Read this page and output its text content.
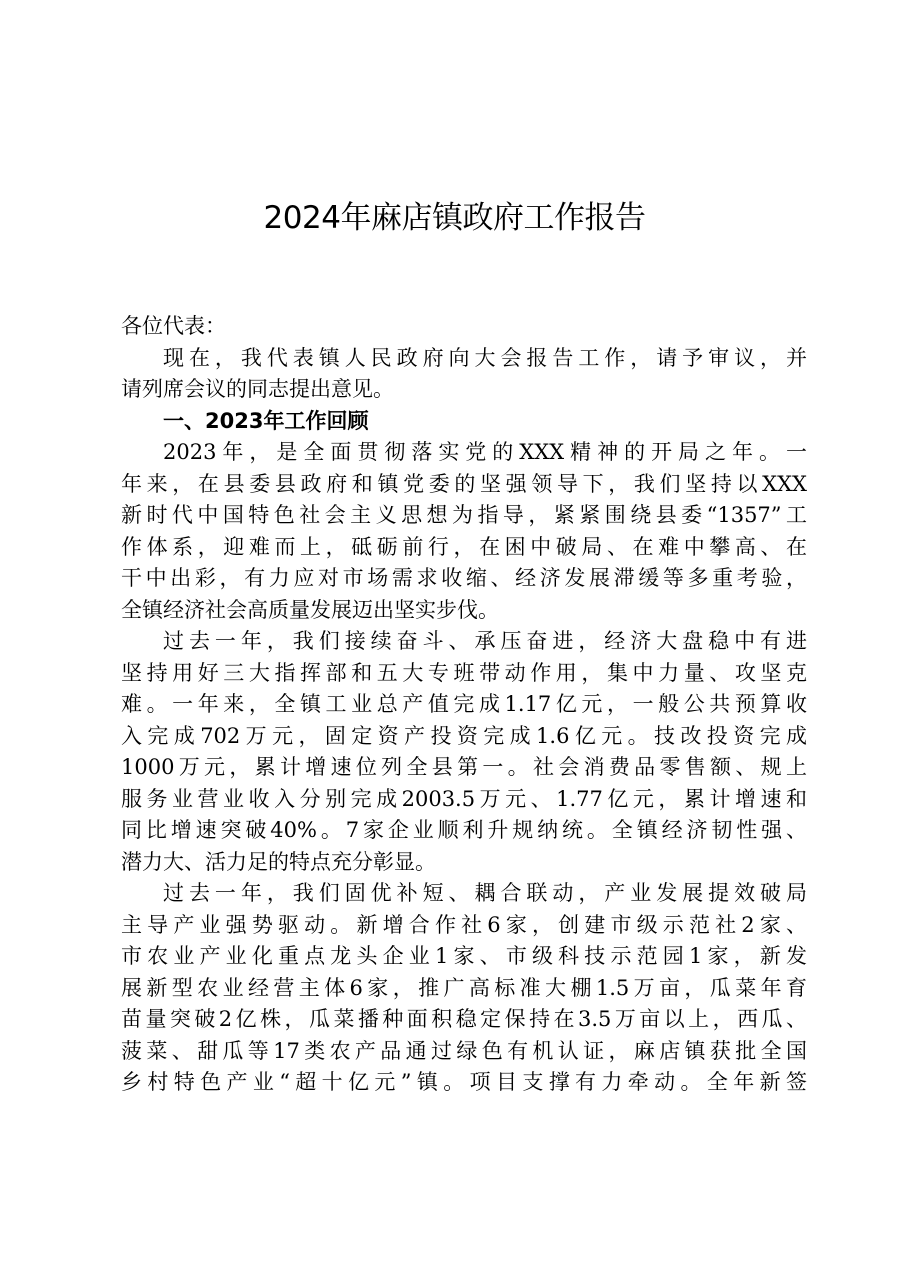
2024年麻店镇政府工作报告
各位代表：
现在，我代表镇人民政府向大会报告工作，请予审议，并
请列席会议的同志提出意见。
一、2023年工作回顾
2023年，是全面贯彻落实党的XXX精神的开局之年。一
年来，在县委县政府和镇党委的坚强领导下，我们坚持以XXX
新时代中国特色社会主义思想为指导，紧紧围绕县委“1357”工
作体系，迎难而上，砥砺前行，在困中破局、在难中攀高、在
干中出彩，有力应对市场需求收缩、经济发展滞缓等多重考验，
全镇经济社会高质量发展迈出坚实步伐。
过去一年，我们接续奋斗、承压奋进，经济大盘稳中有进
坚持用好三大指挥部和五大专班带动作用，集中力量、攻坚克
难。一年来，全镇工业总产值完成1.17亿元，一般公共预算收
入完成702万元，固定资产投资完成1.6亿元。技改投资完成
1000万元，累计增速位列全县第一。社会消费品零售额、规上
服务业营业收入分别完成2003.5万元、1.77亿元，累计增速和
同比增速突破40%。7家企业顺利升规纳统。全镇经济韧性强、
潜力大、活力足的特点充分彰显。
过去一年，我们固优补短、耦合联动，产业发展提效破局
主导产业强势驱动。新增合作社6家，创建市级示范社2家、
市农业产业化重点龙头企业1家、市级科技示范园1家，新发
展新型农业经营主体6家，推广高标准大棚1.5万亩，瓜菜年育
苗量突破2亿株，瓜菜播种面积稳定保持在3.5万亩以上，西瓜、
菠菜、甜瓜等17类农产品通过绿色有机认证，麻店镇获批全国
乡村特色产业“超十亿元”镇。项目支撑有力牵动。全年新签
